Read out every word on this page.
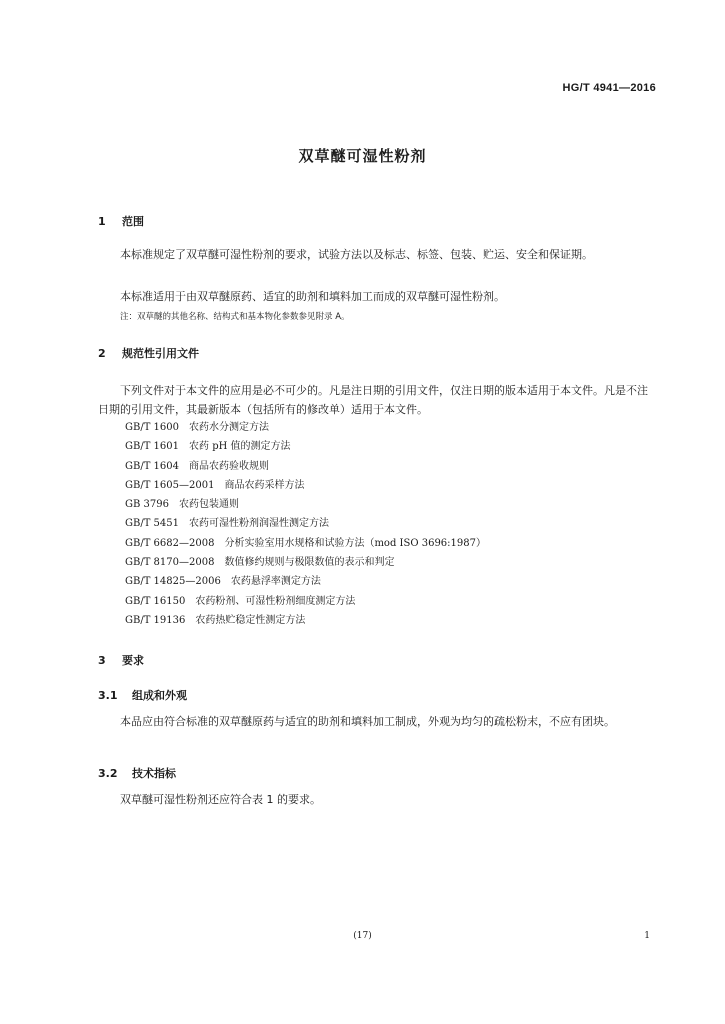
HG/T 4941—2016
双草醚可湿性粉剂
1 范围
本标准规定了双草醚可湿性粉剂的要求，试验方法以及标志、标签、包装、贮运、安全和保证期。
本标准适用于由双草醚原药、适宜的助剂和填料加工而成的双草醚可湿性粉剂。
注：双草醚的其他名称、结构式和基本物化参数参见附录 A。
2 规范性引用文件
下列文件对于本文件的应用是必不可少的。凡是注日期的引用文件，仅注日期的版本适用于本文件。凡是不注日期的引用文件，其最新版本（包括所有的修改单）适用于本文件。
GB/T 1600 农药水分测定方法
GB/T 1601 农药 pH 值的测定方法
GB/T 1604 商品农药验收规则
GB/T 1605—2001 商品农药采样方法
GB 3796 农药包装通则
GB/T 5451 农药可湿性粉剂润湿性测定方法
GB/T 6682—2008 分析实验室用水规格和试验方法（mod ISO 3696:1987）
GB/T 8170—2008 数值修约规则与极限数值的表示和判定
GB/T 14825—2006 农药悬浮率测定方法
GB/T 16150 农药粉剂、可湿性粉剂细度测定方法
GB/T 19136 农药热贮稳定性测定方法
3 要求
3.1 组成和外观
本品应由符合标准的双草醚原药与适宜的助剂和填料加工制成，外观为均匀的疏松粉末，不应有团块。
3.2 技术指标
双草醚可湿性粉剂还应符合表 1 的要求。
(17)	1
